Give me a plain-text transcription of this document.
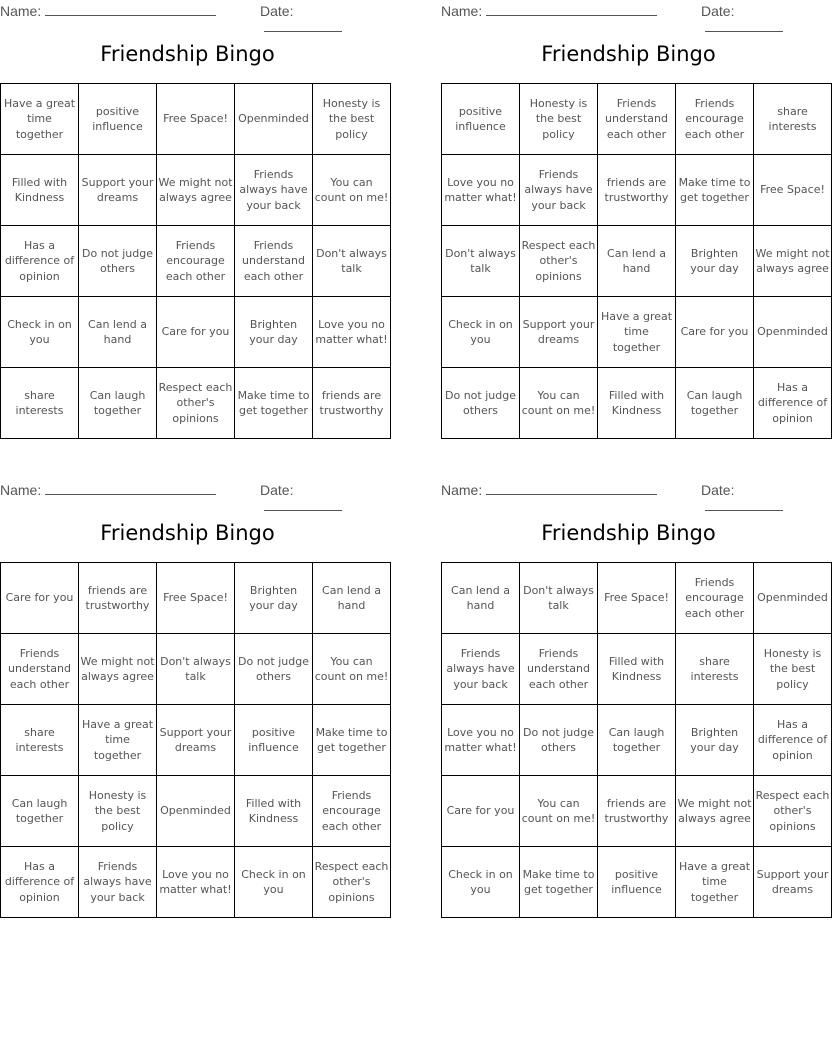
Name:	Date:
Friendship Bingo
Have a great time together	positive influence	Free Space!	Openminded	Honesty is the best policy
Filled with Kindness	Support your dreams	We might not always agree	Friends always have your back	You can count on me!
Has a difference of opinion	Do not judge others	Friends encourage each other	Friends understand each other	Don't always talk
Check in on you	Can lend a hand	Care for you	Brighten your day	Love you no matter what!
share interests	Can laugh together	Respect each other's opinions	Make time to get together	friends are trustworthy
Name:	Date:
Friendship Bingo
positive influence	Honesty is the best policy	Friends understand each other	Friends encourage each other	share interests
Love you no matter what!	Friends always have your back	friends are trustworthy	Make time to get together	Free Space!
Don't always talk	Respect each other's opinions	Can lend a hand	Brighten your day	We might not always agree
Check in on you	Support your dreams	Have a great time together	Care for you	Openminded
Do not judge others	You can count on me!	Filled with Kindness	Can laugh together	Has a difference of opinion
Name:	Date:
Friendship Bingo
Care for you	friends are trustworthy	Free Space!	Brighten your day	Can lend a hand
Friends understand each other	We might not always agree	Don't always talk	Do not judge others	You can count on me!
share interests	Have a great time together	Support your dreams	positive influence	Make time to get together
Can laugh together	Honesty is the best policy	Openminded	Filled with Kindness	Friends encourage each other
Has a difference of opinion	Friends always have your back	Love you no matter what!	Check in on you	Respect each other's opinions
Name:	Date:
Friendship Bingo
Can lend a hand	Don't always talk	Free Space!	Friends encourage each other	Openminded
Friends always have your back	Friends understand each other	Filled with Kindness	share interests	Honesty is the best policy
Love you no matter what!	Do not judge others	Can laugh together	Brighten your day	Has a difference of opinion
Care for you	You can count on me!	friends are trustworthy	We might not always agree	Respect each other's opinions
Check in on you	Make time to get together	positive influence	Have a great time together	Support your dreams
